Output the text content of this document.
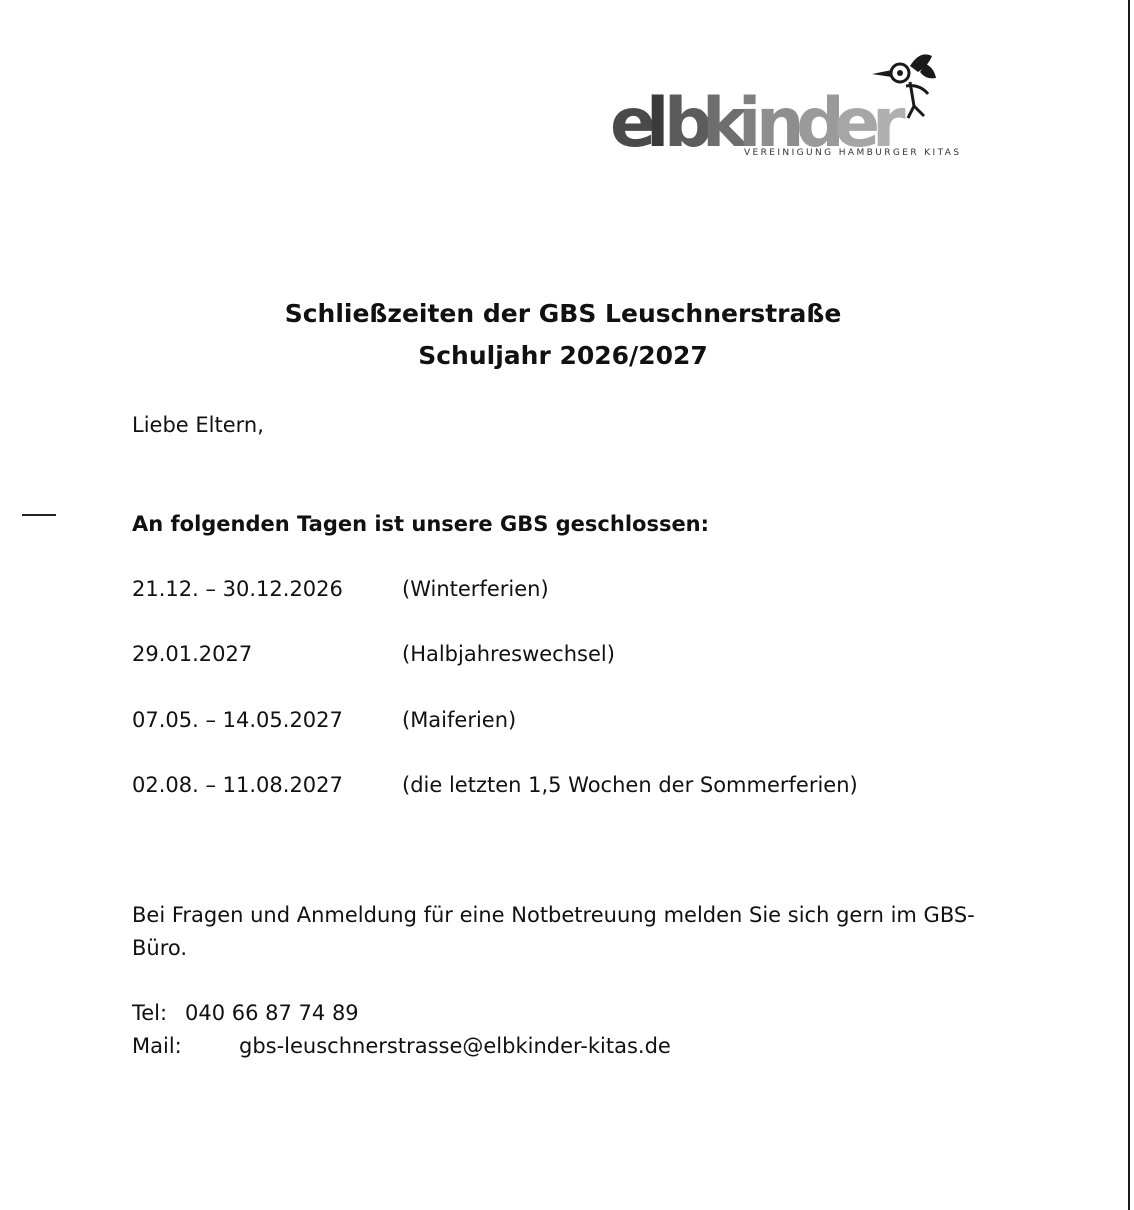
e
l b
k
i n
d
e
r
VEREINIGUNG HAMBURGER KITAS
Schließzeiten der GBS Leuschnerstraße
Schuljahr 2026/2027
Liebe Eltern,
An folgenden Tagen ist unsere GBS geschlossen:
21.12. – 30.12.2026	(Winterferien)
29.01.2027	(Halbjahreswechsel)
07.05. – 14.05.2027	(Maiferien)
02.08. – 11.08.2027	(die letzten 1,5 Wochen der Sommerferien)
Bei Fragen und Anmeldung für eine Notbetreuung melden Sie sich gern im GBS-
Büro.
Tel: 040 66 87 74 89
Mail:	gbs-leuschnerstrasse@elbkinder-kitas.de
